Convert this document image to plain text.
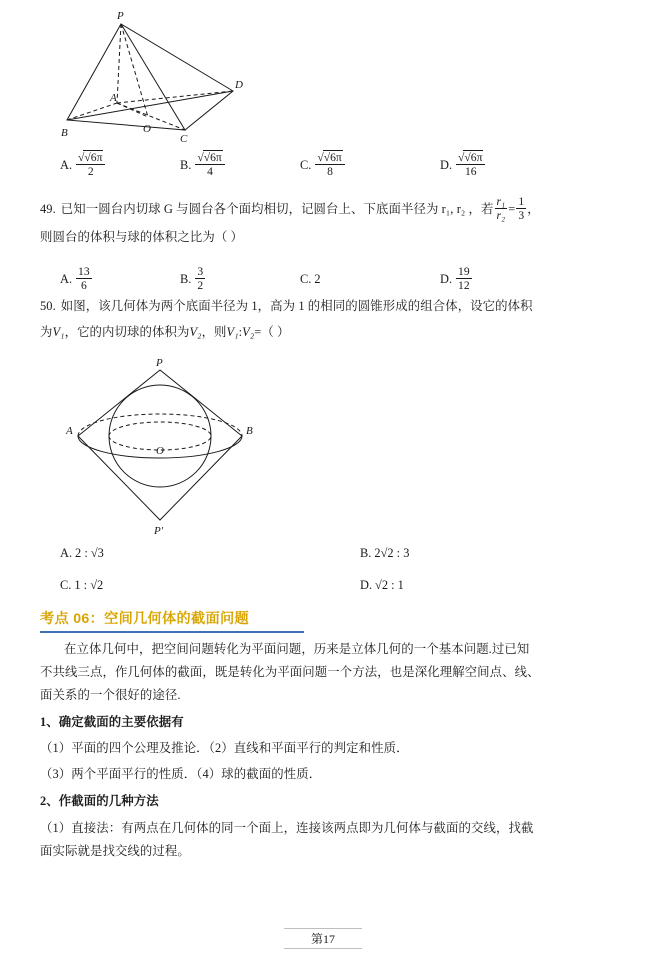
P
D
A
O
B	C
A. $\frac{√√6\pi}{2}$	B. $\frac{√√6\pi}{4}$	C. $\frac{√√6\pi}{8}$	D. $\frac{√√6\pi}{16}$
49. 已知一圆台内切球 G 与圆台各个面均相切，记圆台上、下底面半径为 r₁, r₂ ，若 $\frac{\text{r₁}}{\text{r₂}} = \frac{1}{3}$ ，
则圆台的体积与球的体积之比为（ ）
A. $\frac{13}{6}$	B. $\frac{3}{2}$	C. 2	D. $\frac{19}{12}$
50. 如图，该几何体为两个底面半径为 1，高为 1 的相同的圆锥形成的组合体，设它的体积
为 V₁ ，它的内切球的体积为 V₂ ，则 V₁ : V₂ =（ ）
P
A
O
B
P′
A. 2 : √3	B. 2√2 : 3
C. 1 : √2	D. √2 : 1
考点 06：空间几何体的截面问题

在立体几何中，把空间问题转化为平面问题，历来是立体几何的一个基本问题.过已知

不共线三点，作几何体的截面，既是转化为平面问题一个方法，也是深化理解空间点、线、

面关系的一个很好的途径.

1、确定截面的主要依据有

（1）平面的四个公理及推论．（2）直线和平面平行的判定和性质．

（3）两个平面平行的性质．（4）球的截面的性质．

2、作截面的几种方法

（1）直接法：有两点在几何体的同一个面上，连接该两点即为几何体与截面的交线，找截

面实际就是找交线的过程。

第17
